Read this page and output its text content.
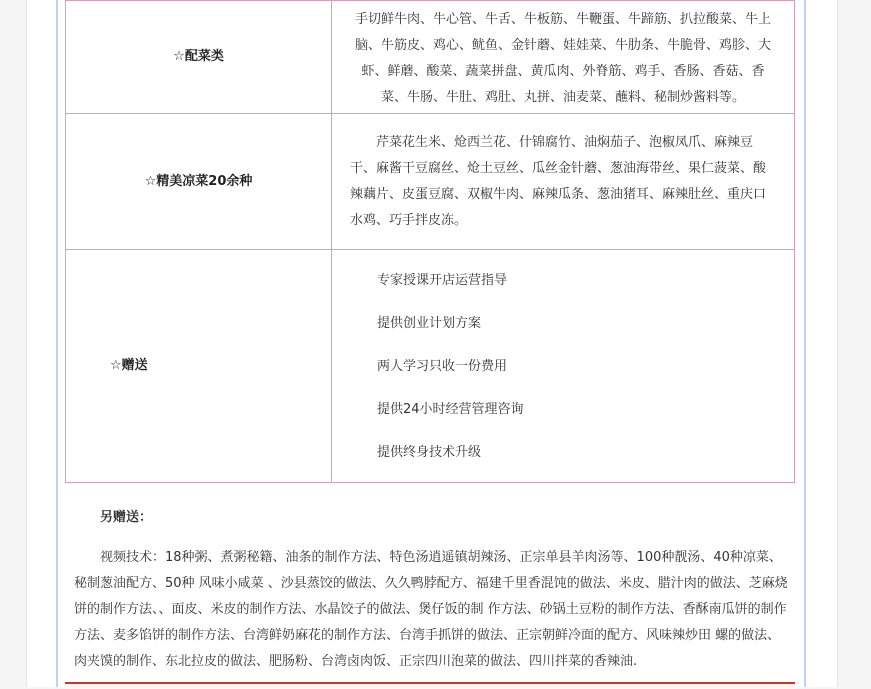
☆配菜类	手切鲜牛肉、牛心管、牛舌、牛板筋、牛鞭蛋、牛蹄筋、扒拉酸菜、牛上脑、牛筋皮、鸡心、鱿鱼、金针蘑、娃娃菜、牛肋条、牛脆骨、鸡胗、大虾、鲜蘑、酸菜、蔬菜拼盘、黄瓜肉、外脊筋、鸡手、香肠、香菇、香菜、牛肠、牛肚、鸡肚、丸拼、油麦菜、蘸料、秘制炒酱料等。
☆精美凉菜20余种	芹菜花生米、炝西兰花、什锦腐竹、油焖茄子、泡椒凤爪、麻辣豆干、麻酱干豆腐丝、炝土豆丝、瓜丝金针蘑、葱油海带丝、果仁菠菜、酸辣藕片、皮蛋豆腐、双椒牛肉、麻辣瓜条、葱油猪耳、麻辣肚丝、重庆口水鸡、巧手拌皮冻。
☆赠送	专家授课开店运营指导
提供创业计划方案
两人学习只收一份费用
提供24小时经营管理咨询
提供终身技术升级
另赠送：
视频技术：18种粥、煮粥秘籍、油条的制作方法、特色汤逍遥镇胡辣汤、正宗单县羊肉汤等、100种靓汤、40种凉菜、秘制葱油配方、50种 风味小咸菜 、沙县蒸饺的做法、久久鸭脖配方、福建千里香混饨的做法、米皮、腊汁肉的做法、芝麻烧饼的制作方法、、面皮、米皮的制作方法、水晶饺子的做法、煲仔饭的制 作方法、砂锅土豆粉的制作方法、香酥南瓜饼的制作方法、麦多馅饼的制作方法、台湾鲜奶麻花的制作方法、台湾手抓饼的做法、正宗朝鲜冷面的配方、风味辣炒田 螺的做法、肉夹馍的制作、东北拉皮的做法、肥肠粉、台湾卤肉饭、正宗四川泡菜的做法、四川拌菜的香辣油.
